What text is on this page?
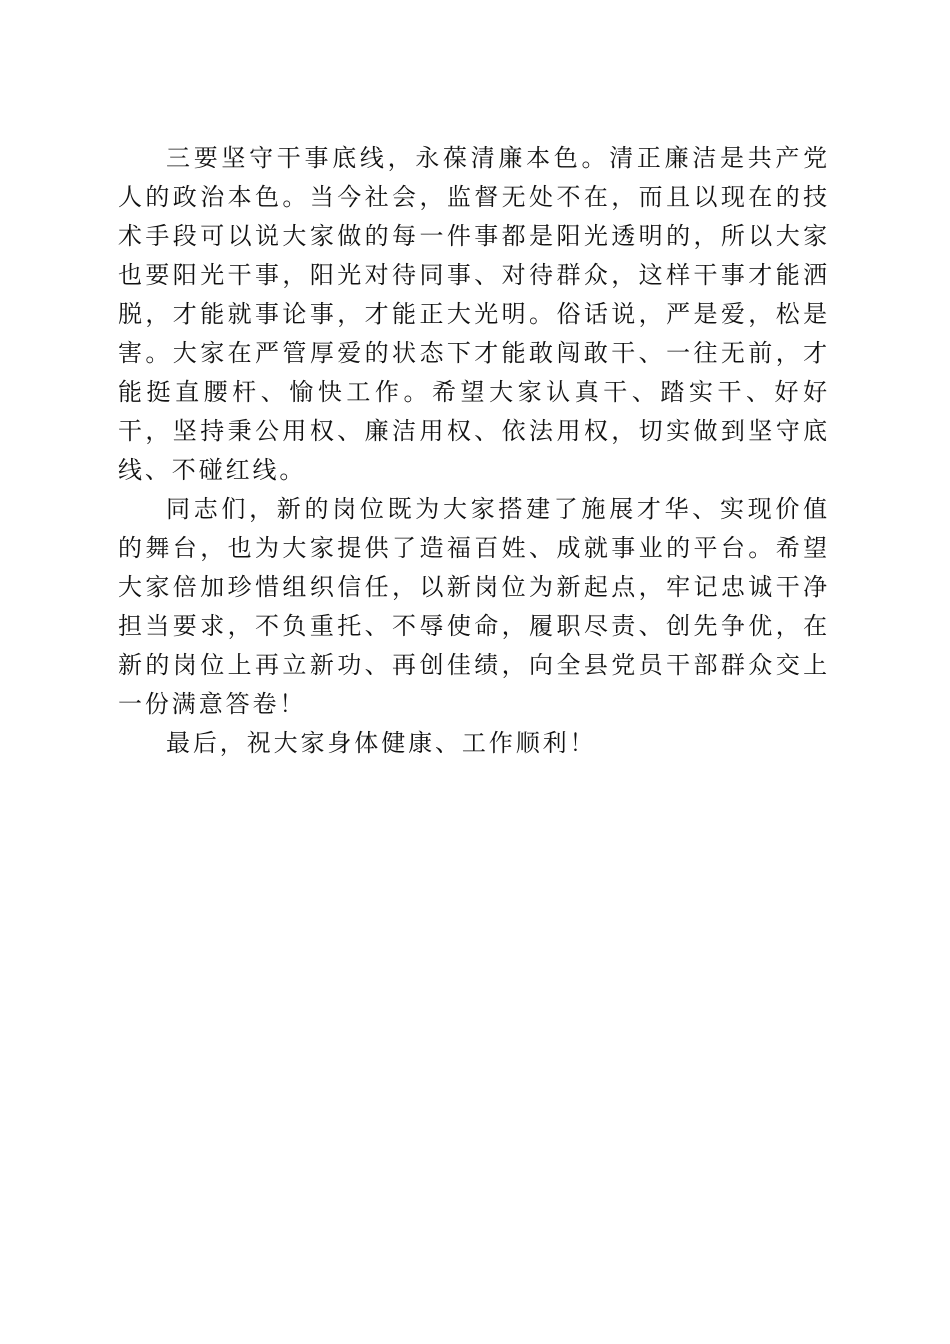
三要坚守干事底线，永葆清廉本色。清正廉洁是共产党人的政治本色。当今社会，监督无处不在，而且以现在的技术手段可以说大家做的每一件事都是阳光透明的，所以大家也要阳光干事，阳光对待同事、对待群众，这样干事才能洒脱，才能就事论事，才能正大光明。俗话说，严是爱，松是害。大家在严管厚爱的状态下才能敢闯敢干、一往无前，才能挺直腰杆、愉快工作。希望大家认真干、踏实干、好好干，坚持秉公用权、廉洁用权、依法用权，切实做到坚守底线、不碰红线。

同志们，新的岗位既为大家搭建了施展才华、实现价值的舞台，也为大家提供了造福百姓、成就事业的平台。希望大家倍加珍惜组织信任，以新岗位为新起点，牢记忠诚干净担当要求，不负重托、不辱使命，履职尽责、创先争优，在新的岗位上再立新功、再创佳绩，向全县党员干部群众交上一份满意答卷！

最后，祝大家身体健康、工作顺利！
